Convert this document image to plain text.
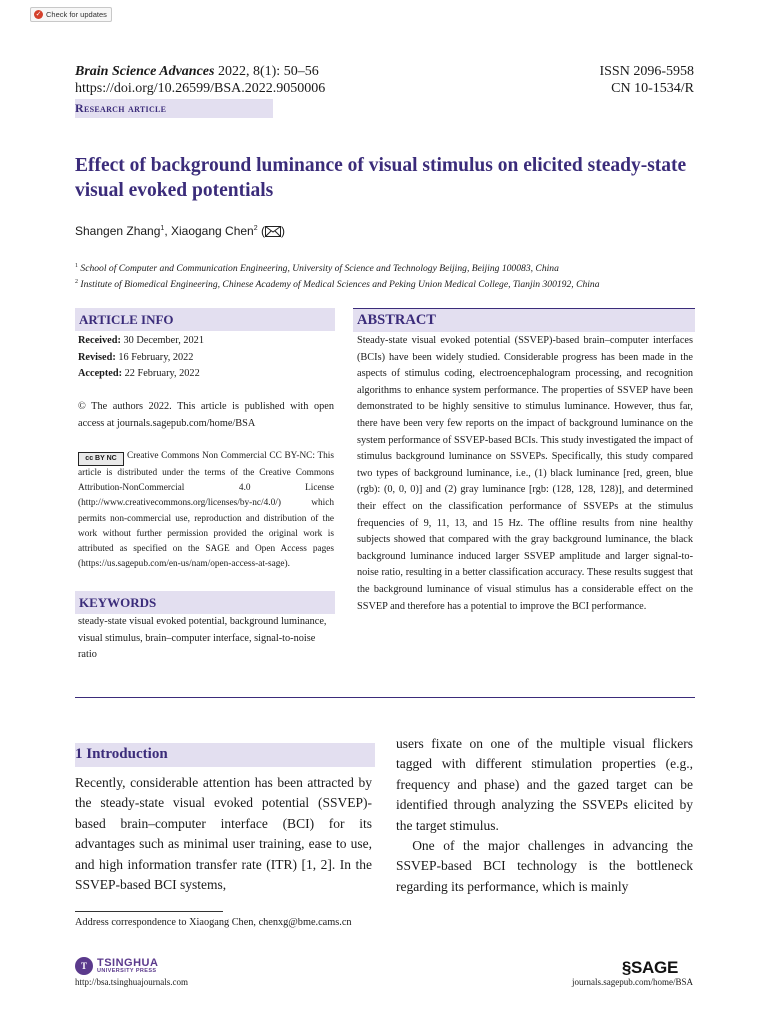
✓ Check for updates
Brain Science Advances 2022, 8(1): 50–56
https://doi.org/10.26599/BSA.2022.9050006
ISSN 2096-5958
CN 10-1534/R
Research article
Effect of background luminance of visual stimulus on elicited steady-state visual evoked potentials
Shangen Zhang$^1$, Xiaogang Chen$^2$ ( )
$^1$ School of Computer and Communication Engineering, University of Science and Technology Beijing, Beijing 100083, China
$^2$ Institute of Biomedical Engineering, Chinese Academy of Medical Sciences and Peking Union Medical College, Tianjin 300192, China
ARTICLE INFO
Received: 30 December, 2021
Revised: 16 February, 2022
Accepted: 22 February, 2022
© The authors 2022. This article is published with open access at journals.sagepub.com/home/BSA
cc BY NC Creative Commons Non Commercial CC BY-NC: This article is distributed under the terms of the Creative Commons Attribution-NonCommercial 4.0 License (http://www.creativecommons.org/licenses/by-nc/4.0/) which permits non-commercial use, reproduction and distribution of the work without further permission provided the original work is attributed as specified on the SAGE and Open Access pages (https://us.sagepub.com/en-us/nam/open-access-at-sage).
KEYWORDS
steady-state visual evoked potential, background luminance, visual stimulus, brain–computer interface, signal-to-noise ratio
ABSTRACT
Steady-state visual evoked potential (SSVEP)-based brain–computer interfaces (BCIs) have been widely studied. Considerable progress has been made in the aspects of stimulus coding, electroencephalogram processing, and recognition algorithms to enhance system performance. The properties of SSVEP have been demonstrated to be highly sensitive to stimulus luminance. However, thus far, there have been very few reports on the impact of background luminance on the system performance of SSVEP-based BCIs. This study investigated the impact of stimulus background luminance on SSVEPs. Specifically, this study compared two types of background luminance, i.e., (1) black luminance [red, green, blue (rgb): (0, 0, 0)] and (2) gray luminance [rgb: (128, 128, 128)], and determined their effect on the classification performance of SSVEPs at the stimulus frequencies of 9, 11, 13, and 15 Hz. The offline results from nine healthy subjects showed that compared with the gray background luminance, the black background luminance induced larger SSVEP amplitude and larger signal-to-noise ratio, resulting in a better classification accuracy. These results suggest that the background luminance of visual stimulus has a considerable effect on the SSVEP and therefore has a potential to improve the BCI performance.
1 Introduction
Recently, considerable attention has been attracted by the steady-state visual evoked potential (SSVEP)-based brain–computer interface (BCI) for its advantages such as minimal user training, ease to use, and high information transfer rate (ITR) [1, 2]. In the SSVEP-based BCI systems,

users fixate on one of the multiple visual flickers tagged with different stimulation properties (e.g., frequency and phase) and the gazed target can be identified through analyzing the SSVEPs elicited by the target stimulus.

One of the major challenges in advancing the SSVEP-based BCI technology is the bottleneck regarding its performance, which is mainly

Address correspondence to Xiaogang Chen, chenxg@bme.cams.cn
T TSINGHUA
UNIVERSITY PRESS
http://bsa.tsinghuajournals.com
§SAGE
journals.sagepub.com/home/BSA
